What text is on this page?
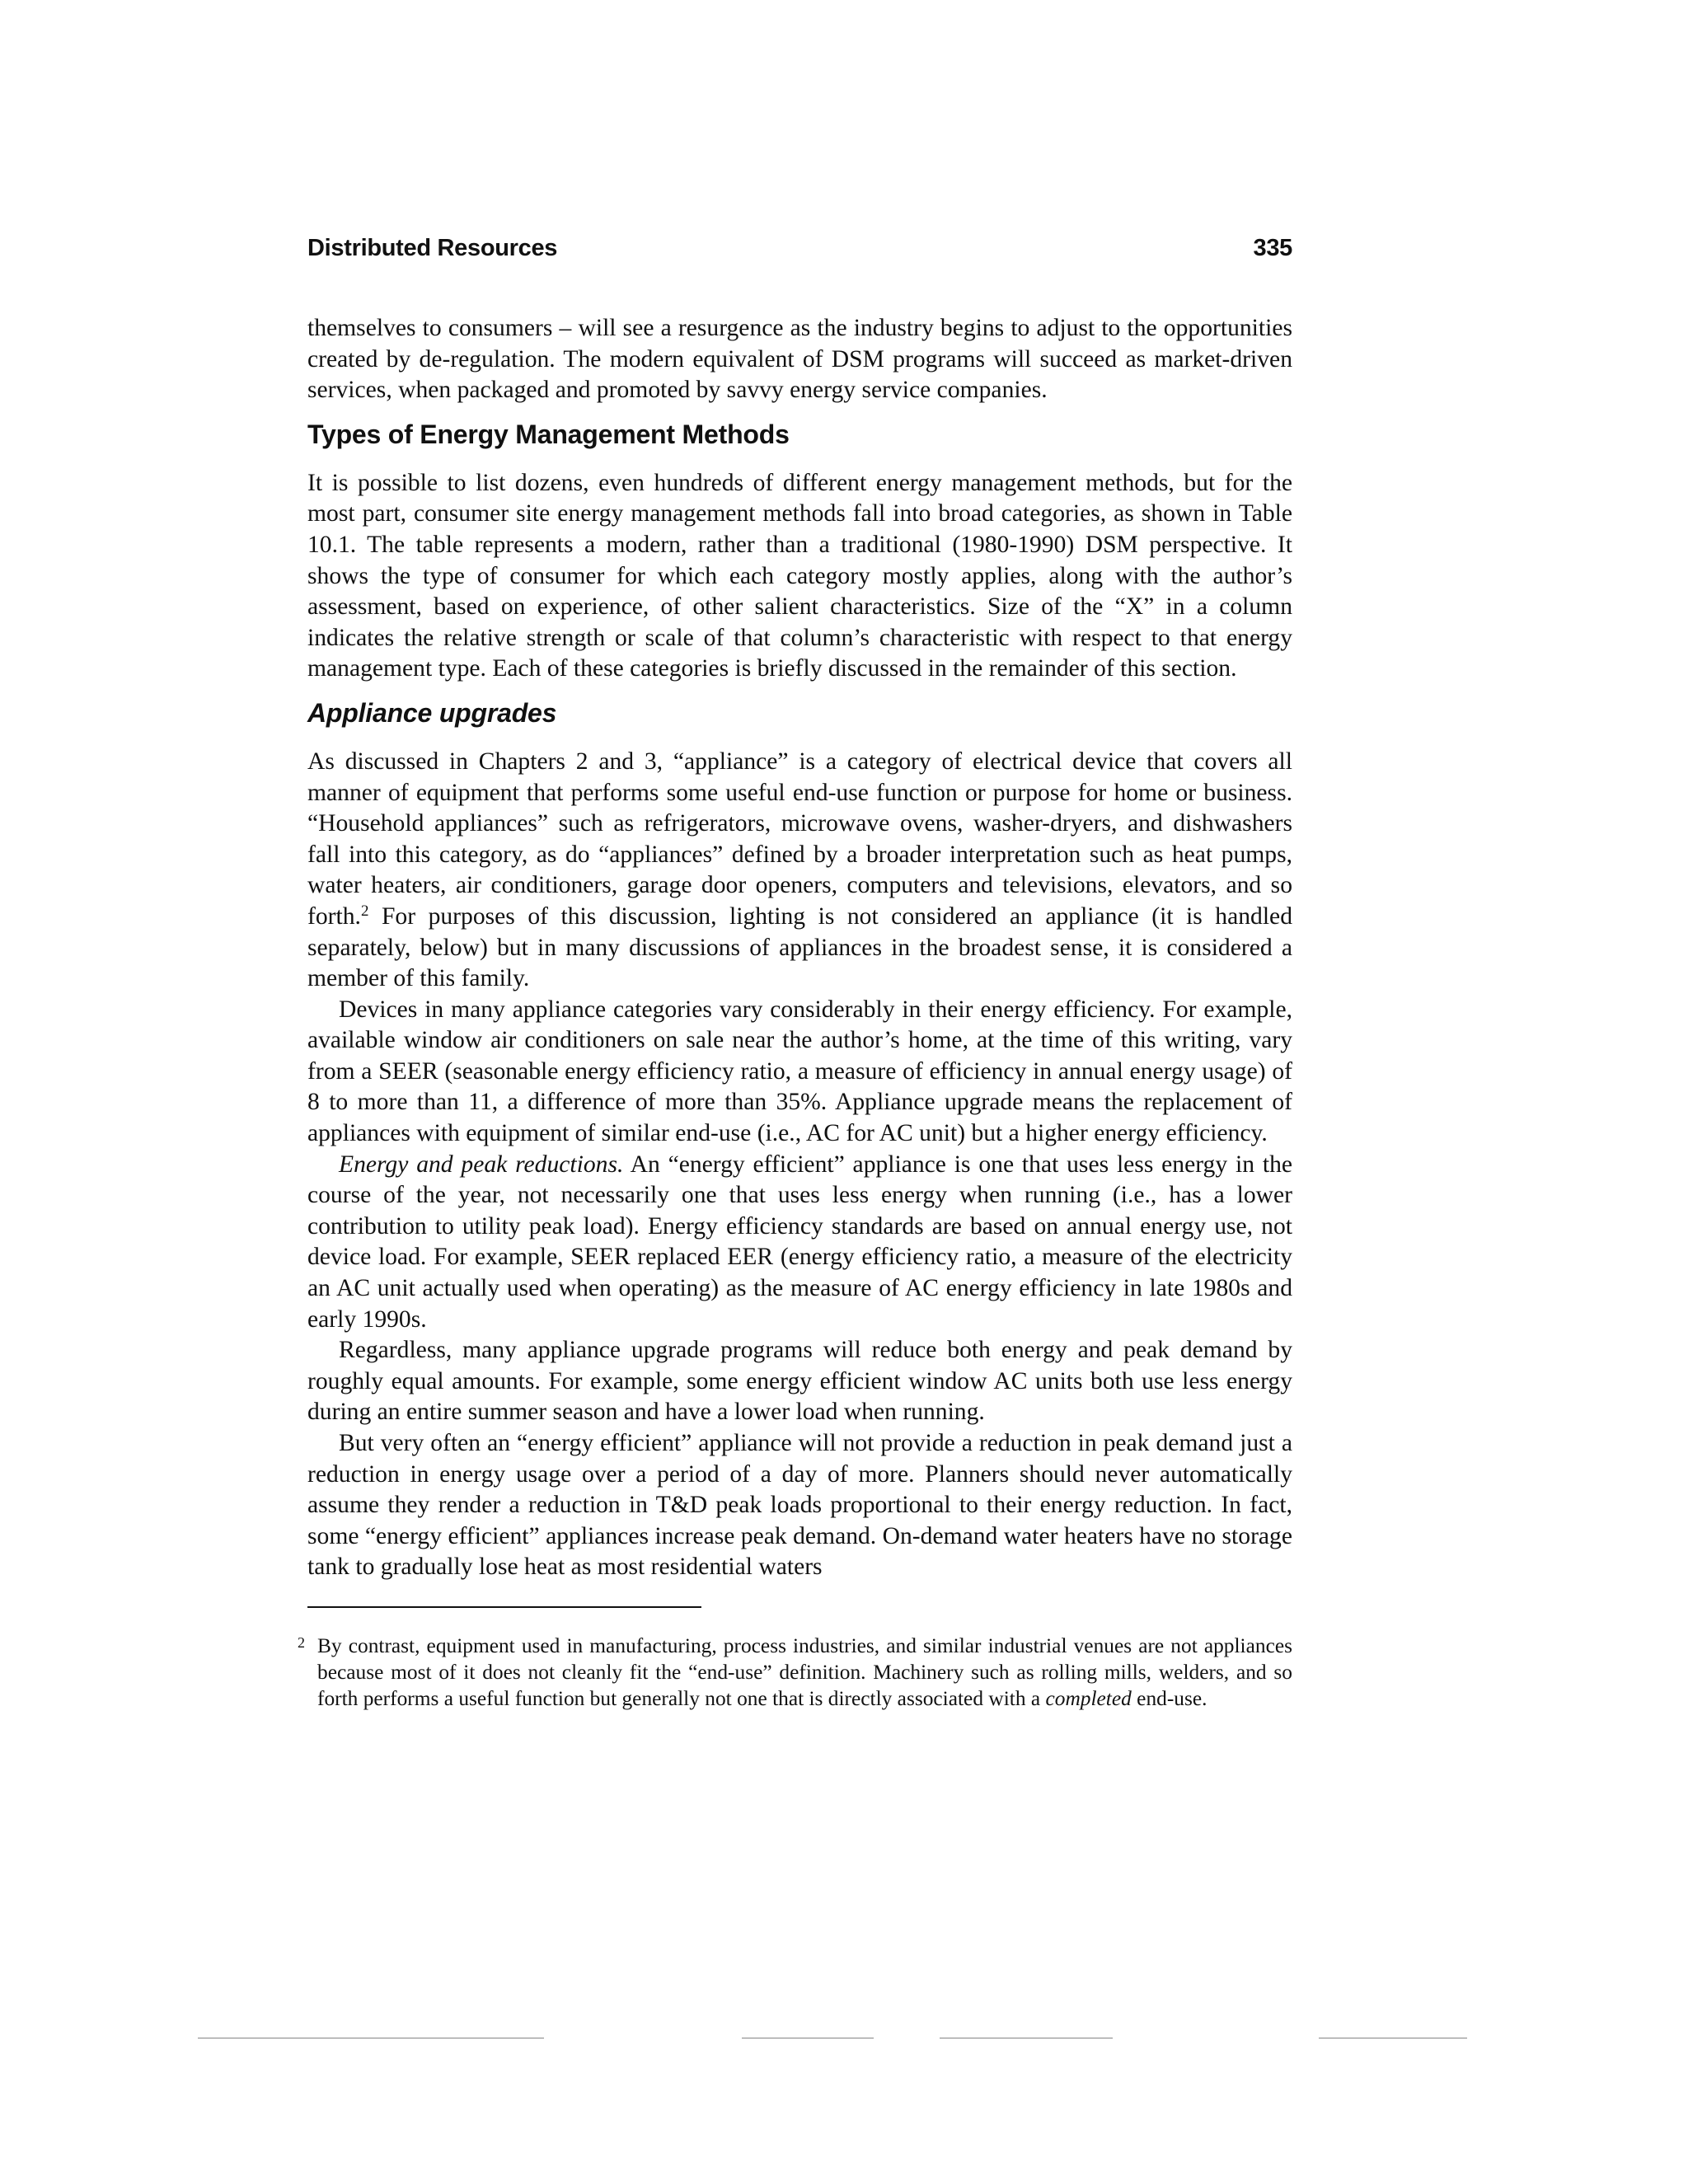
Distributed Resources	335

themselves to consumers – will see a resurgence as the industry begins to adjust to the opportunities created by de-regulation. The modern equivalent of DSM programs will succeed as market-driven services, when packaged and promoted by savvy energy service companies.

Types of Energy Management Methods

It is possible to list dozens, even hundreds of different energy management methods, but for the most part, consumer site energy management methods fall into broad categories, as shown in Table 10.1. The table represents a modern, rather than a traditional (1980-1990) DSM perspective. It shows the type of consumer for which each category mostly applies, along with the author’s assessment, based on experience, of other salient characteristics. Size of the “X” in a column indicates the relative strength or scale of that column’s characteristic with respect to that energy management type. Each of these categories is briefly discussed in the remainder of this section.

Appliance upgrades

As discussed in Chapters 2 and 3, “appliance” is a category of electrical device that covers all manner of equipment that performs some useful end-use function or purpose for home or business. “Household appliances” such as refrigerators, microwave ovens, washer-dryers, and dishwashers fall into this category, as do “appliances” defined by a broader interpretation such as heat pumps, water heaters, air conditioners, garage door openers, computers and televisions, elevators, and so forth.$^2$ For purposes of this discussion, lighting is not considered an appliance (it is handled separately, below) but in many discussions of appliances in the broadest sense, it is considered a member of this family.

Devices in many appliance categories vary considerably in their energy efficiency. For example, available window air conditioners on sale near the author’s home, at the time of this writing, vary from a SEER (seasonable energy efficiency ratio, a measure of efficiency in annual energy usage) of 8 to more than 11, a difference of more than 35%. Appliance upgrade means the replacement of appliances with equipment of similar end-use (i.e., AC for AC unit) but a higher energy efficiency.

Energy and peak reductions. An “energy efficient” appliance is one that uses less energy in the course of the year, not necessarily one that uses less energy when running (i.e., has a lower contribution to utility peak load). Energy efficiency standards are based on annual energy use, not device load. For example, SEER replaced EER (energy efficiency ratio, a measure of the electricity an AC unit actually used when operating) as the measure of AC energy efficiency in late 1980s and early 1990s.

Regardless, many appliance upgrade programs will reduce both energy and peak demand by roughly equal amounts. For example, some energy efficient window AC units both use less energy during an entire summer season and have a lower load when running.

But very often an “energy efficient” appliance will not provide a reduction in peak demand just a reduction in energy usage over a period of a day of more. Planners should never automatically assume they render a reduction in T&D peak loads proportional to their energy reduction. In fact, some “energy efficient” appliances increase peak demand. On-demand water heaters have no storage tank to gradually lose heat as most residential waters

2 By contrast, equipment used in manufacturing, process industries, and similar industrial venues are not appliances because most of it does not cleanly fit the “end-use” definition. Machinery such as rolling mills, welders, and so forth performs a useful function but generally not one that is directly associated with a completed end-use.
